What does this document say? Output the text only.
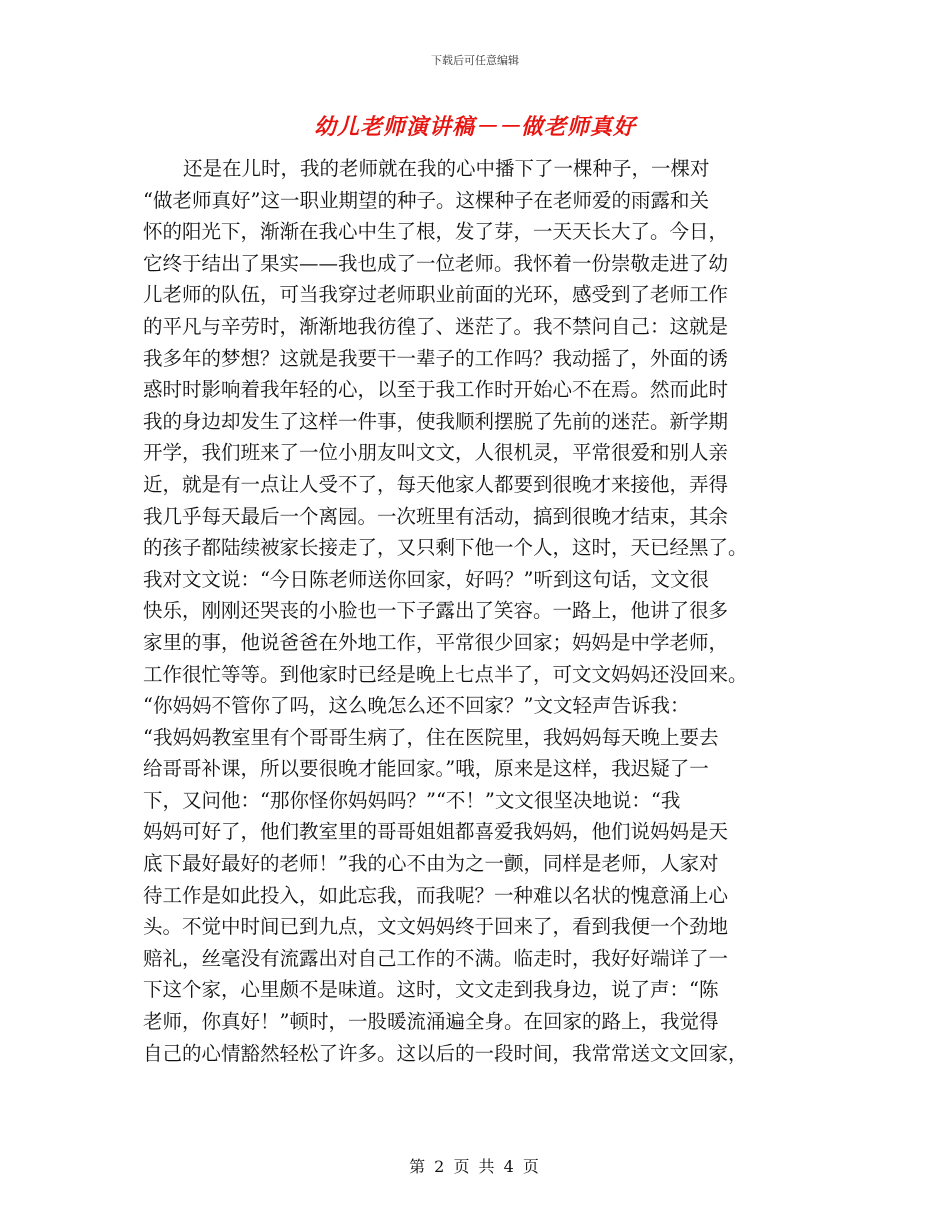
下载后可任意编辑
幼儿老师演讲稿－－做老师真好
还是在儿时，我的老师就在我的心中播下了一棵种子，一棵对
“做老师真好”这一职业期望的种子。这棵种子在老师爱的雨露和关
怀的阳光下，渐渐在我心中生了根，发了芽，一天天长大了。今日，
它终于结出了果实——我也成了一位老师。我怀着一份崇敬走进了幼
儿老师的队伍，可当我穿过老师职业前面的光环，感受到了老师工作
的平凡与辛劳时，渐渐地我彷徨了、迷茫了。我不禁问自己：这就是
我多年的梦想？这就是我要干一辈子的工作吗？我动摇了，外面的诱
惑时时影响着我年轻的心，以至于我工作时开始心不在焉。然而此时
我的身边却发生了这样一件事，使我顺利摆脱了先前的迷茫。新学期
开学，我们班来了一位小朋友叫文文，人很机灵，平常很爱和别人亲
近，就是有一点让人受不了，每天他家人都要到很晚才来接他，弄得
我几乎每天最后一个离园。一次班里有活动，搞到很晚才结束，其余
的孩子都陆续被家长接走了，又只剩下他一个人，这时，天已经黑了。
我对文文说：“今日陈老师送你回家，好吗？”听到这句话，文文很
快乐，刚刚还哭丧的小脸也一下子露出了笑容。一路上，他讲了很多
家里的事，他说爸爸在外地工作，平常很少回家；妈妈是中学老师，
工作很忙等等。到他家时已经是晚上七点半了，可文文妈妈还没回来。
“你妈妈不管你了吗，这么晚怎么还不回家？”文文轻声告诉我：
“我妈妈教室里有个哥哥生病了，住在医院里，我妈妈每天晚上要去
给哥哥补课，所以要很晚才能回家。”哦，原来是这样，我迟疑了一
下，又问他：“那你怪你妈妈吗？”“不！”文文很坚决地说：“我
妈妈可好了，他们教室里的哥哥姐姐都喜爱我妈妈，他们说妈妈是天
底下最好最好的老师！”我的心不由为之一颤，同样是老师，人家对
待工作是如此投入，如此忘我，而我呢？一种难以名状的愧意涌上心
头。不觉中时间已到九点，文文妈妈终于回来了，看到我便一个劲地
赔礼，丝毫没有流露出对自己工作的不满。临走时，我好好端详了一
下这个家，心里颇不是味道。这时，文文走到我身边，说了声：“陈
老师，你真好！”顿时，一股暖流涌遍全身。在回家的路上，我觉得
自己的心情豁然轻松了许多。这以后的一段时间，我常常送文文回家，
第 2 页 共 4 页
